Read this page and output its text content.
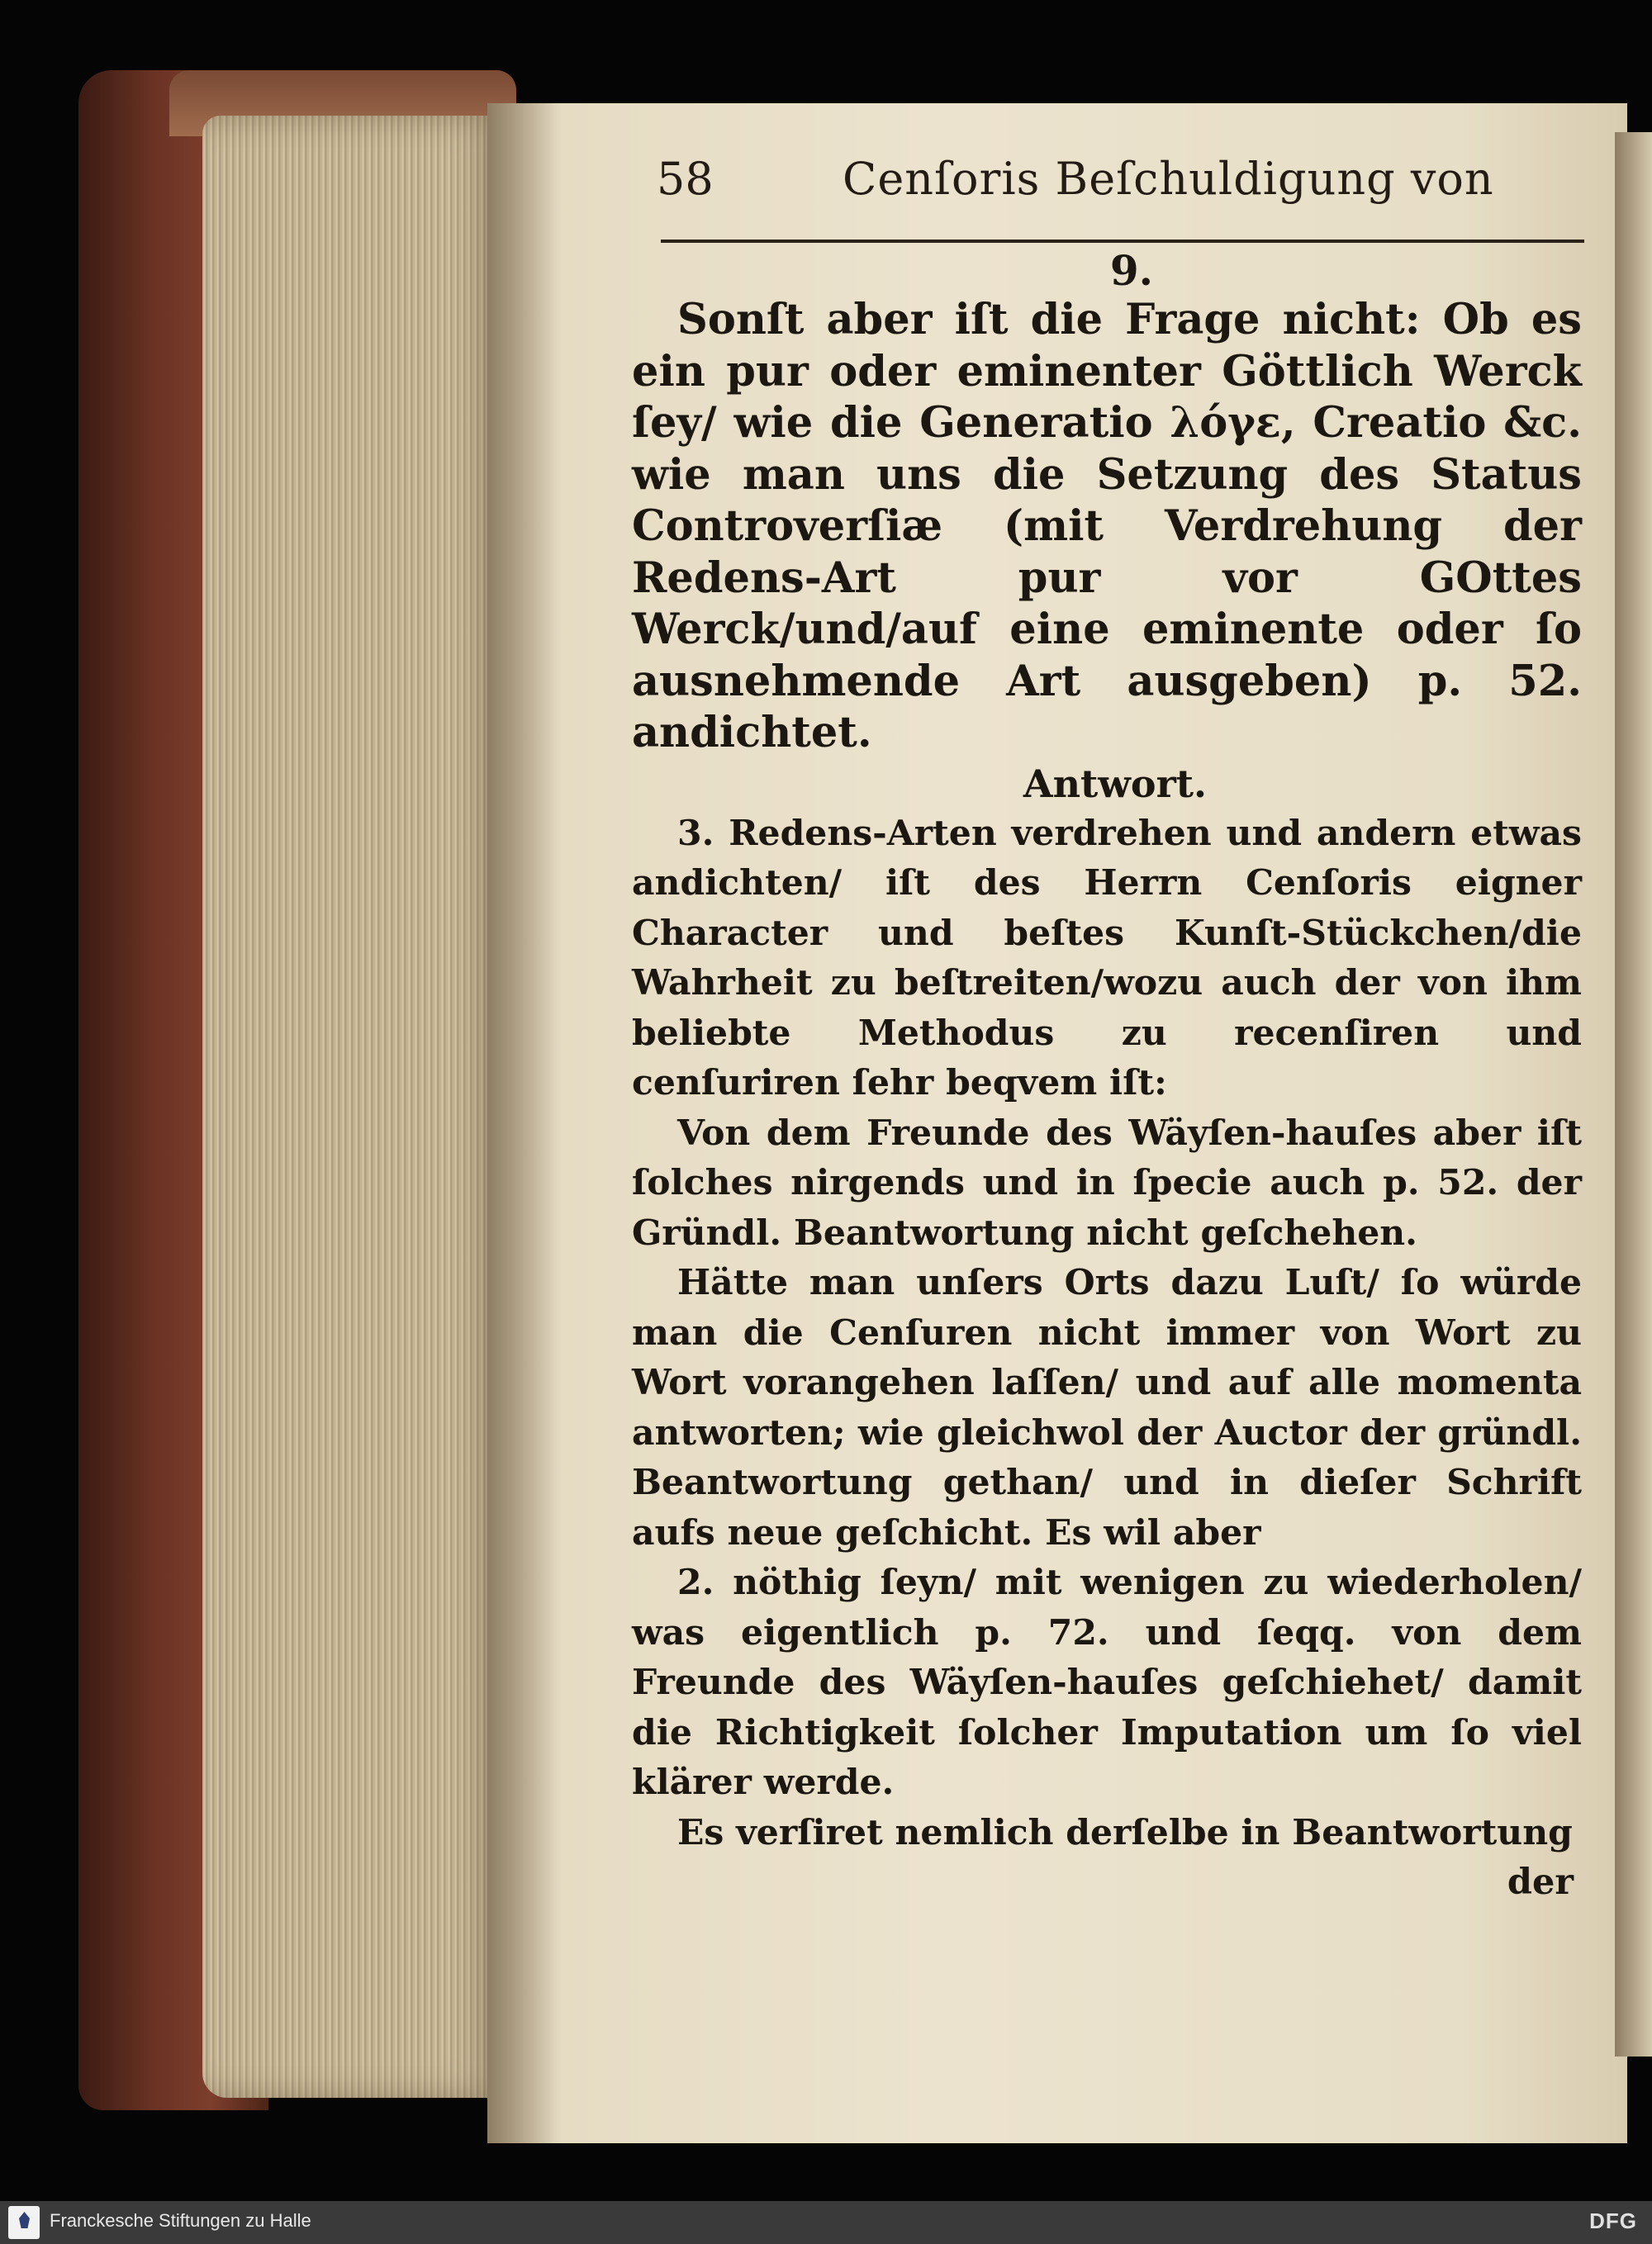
58	Cenſoris Beſchuldigung von
9.

Sonſt aber iſt die Frage nicht: Ob es ein pur oder eminenter Göttlich Werck ſey/ wie die Generatio λόγε, Creatio &c. wie man uns die Setzung des Status Controverſiæ (mit Verdrehung der Redens-Art pur vor GOttes Werck/und/auf eine eminente oder ſo ausnehmende Art ausgeben) p. 52. andichtet.

Antwort.

3. Redens-Arten verdrehen und andern etwas andichten/ iſt des Herrn Cenſoris eigner Character und beſtes Kunſt-Stückchen/die Wahrheit zu beſtreiten/wozu auch der von ihm beliebte Methodus zu recenſiren und cenſuriren ſehr beqvem iſt:

Von dem Freunde des Wäyſen-hauſes aber iſt ſolches nirgends und in ſpecie auch p. 52. der Gründl. Beantwortung nicht geſchehen.

Hätte man unſers Orts dazu Luſt/ ſo würde man die Cenſuren nicht immer von Wort zu Wort vorangehen laſſen/ und auf alle momenta antworten; wie gleichwol der Auctor der gründl. Beantwortung gethan/ und in dieſer Schrift aufs neue geſchicht. Es wil aber

2. nöthig ſeyn/ mit wenigen zu wiederholen/ was eigentlich p. 72. und ſeqq. von dem Freunde des Wäyſen-hauſes geſchiehet/ damit die Richtigkeit ſolcher Imputation um ſo viel klärer werde.

Es verſiret nemlich derſelbe in Beantwortung

der
Franckesche Stiftungen zu Halle	DFG
